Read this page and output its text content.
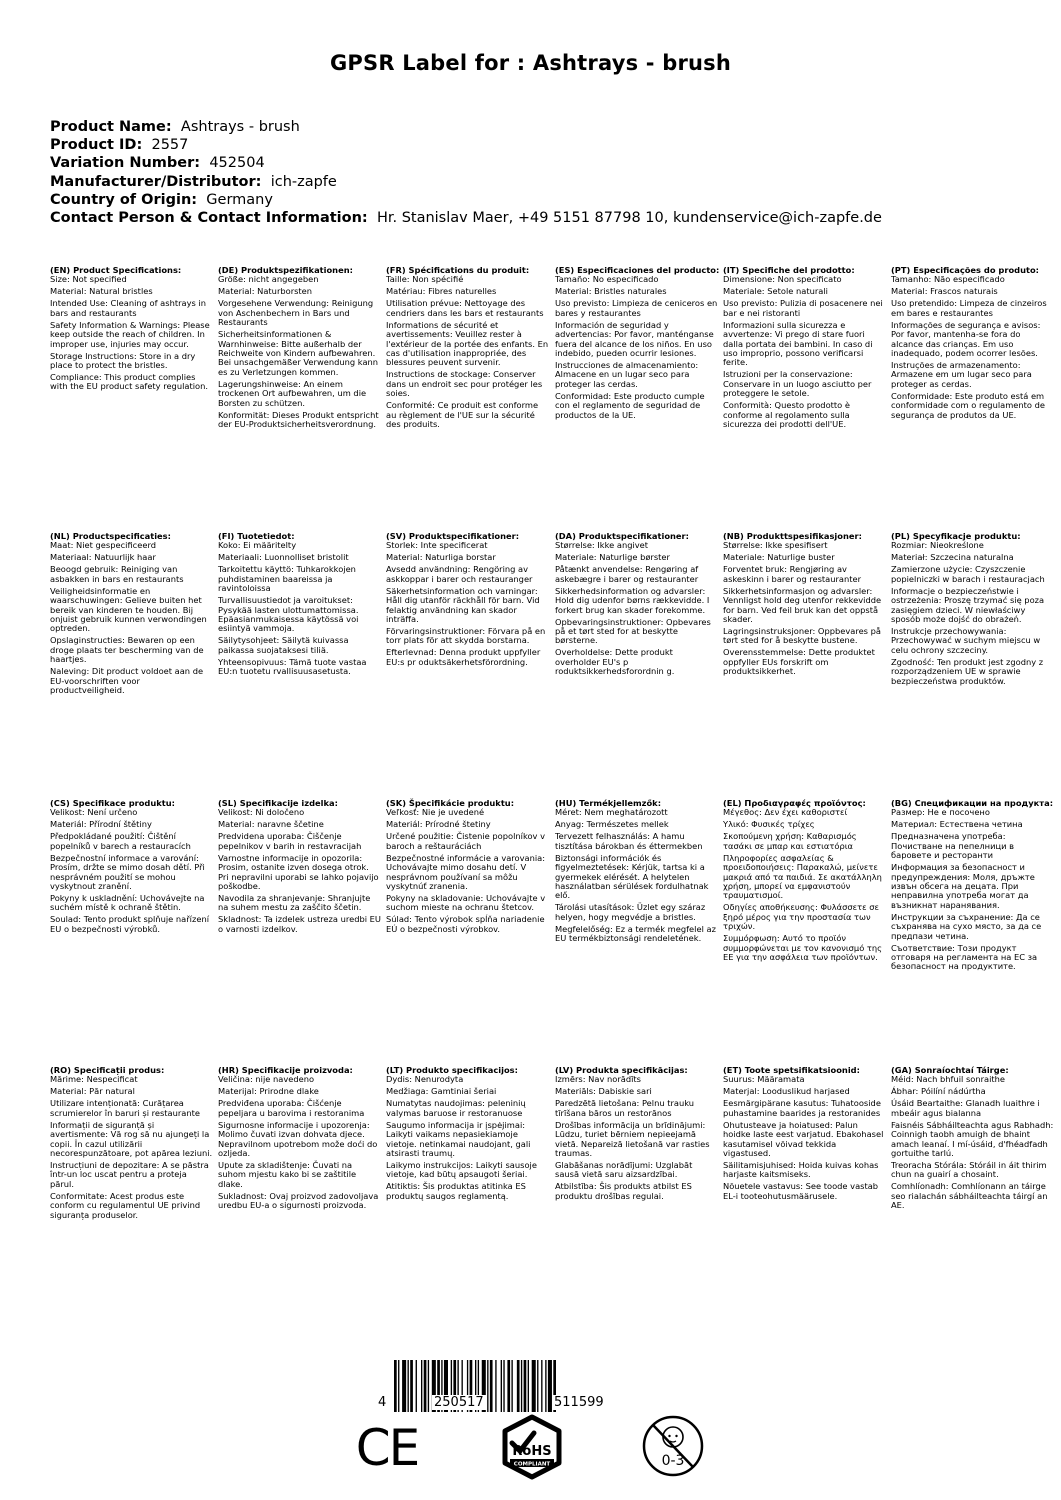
GPSR Label for : Ashtrays - brush
Product Name: Ashtrays - brush
Product ID: 2557
Variation Number: 452504
Manufacturer/Distributor: ich-zapfe
Country of Origin: Germany
Contact Person & Contact Information: Hr. Stanislav Maer, +49 5151 87798 10, kundenservice@ich-zapfe.de
(EN) Product Specifications:

Size: Not specified

Material: Natural bristles

Intended Use: Cleaning of ashtrays in bars and restaurants

Safety Information & Warnings: Please keep outside the reach of children. In improper use, injuries may occur.

Storage Instructions: Store in a dry place to protect the bristles.

Compliance: This product complies with the EU product safety regulation.

(DE) Produktspezifikationen:

Größe: nicht angegeben

Material: Naturborsten

Vorgesehene Verwendung: Reinigung von Aschenbechern in Bars und Restaurants

Sicherheitsinformationen & Warnhinweise: Bitte außerhalb der Reichweite von Kindern aufbewahren. Bei unsachgemäßer Verwendung kann es zu Verletzungen kommen.

Lagerungshinweise: An einem trockenen Ort aufbewahren, um die Borsten zu schützen.

Konformität: Dieses Produkt entspricht der EU-Produktsicherheitsverordnung.

(FR) Spécifications du produit:

Taille: Non spécifié

Matériau: Fibres naturelles

Utilisation prévue: Nettoyage des cendriers dans les bars et restaurants

Informations de sécurité et avertissements: Veuillez rester à l'extérieur de la portée des enfants. En cas d'utilisation inappropriée, des blessures peuvent survenir.

Instructions de stockage: Conserver dans un endroit sec pour protéger les soies.

Conformité: Ce produit est conforme au règlement de l'UE sur la sécurité des produits.

(ES) Especificaciones del producto:

Tamaño: No especificado

Material: Bristles naturales

Uso previsto: Limpieza de ceniceros en bares y restaurantes

Información de seguridad y advertencias: Por favor, manténganse fuera del alcance de los niños. En uso indebido, pueden ocurrir lesiones.

Instrucciones de almacenamiento: Almacene en un lugar seco para proteger las cerdas.

Conformidad: Este producto cumple con el reglamento de seguridad de productos de la UE.

(IT) Specifiche del prodotto:

Dimensione: Non specificato

Materiale: Setole naturali

Uso previsto: Pulizia di posacenere nei bar e nei ristoranti

Informazioni sulla sicurezza e avvertenze: Vi prego di stare fuori dalla portata dei bambini. In caso di uso improprio, possono verificarsi ferite.

Istruzioni per la conservazione: Conservare in un luogo asciutto per proteggere le setole.

Conformità: Questo prodotto è conforme al regolamento sulla sicurezza dei prodotti dell'UE.

(PT) Especificações do produto:

Tamanho: Não especificado

Material: Frascos naturais

Uso pretendido: Limpeza de cinzeiros em bares e restaurantes

Informações de segurança e avisos: Por favor, mantenha-se fora do alcance das crianças. Em uso inadequado, podem ocorrer lesões.

Instruções de armazenamento: Armazene em um lugar seco para proteger as cerdas.

Conformidade: Este produto está em conformidade com o regulamento de segurança de produtos da UE.

(NL) Productspecificaties:

Maat: Niet gespecificeerd

Materiaal: Natuurlijk haar

Beoogd gebruik: Reiniging van asbakken in bars en restaurants

Veiligheidsinformatie en waarschuwingen: Gelieve buiten het bereik van kinderen te houden. Bij onjuist gebruik kunnen verwondingen optreden.

Opslaginstructies: Bewaren op een droge plaats ter bescherming van de haartjes.

Naleving: Dit product voldoet aan de EU-voorschriften voor productveiligheid.

(FI) Tuotetiedot:

Koko: Ei määritelty

Materiaali: Luonnolliset bristolit

Tarkoitettu käyttö: Tuhkarokkojen puhdistaminen baareissa ja ravintoloissa

Turvallisuustiedot ja varoitukset: Pysykää lasten ulottumattomissa. Epäasianmukaisessa käytössä voi esiintyä vammoja.

Säilytysohjeet: Säilytä kuivassa paikassa suojataksesi tiliä.

Yhteensopivuus: Tämä tuote vastaa EU:n tuotetu rvallisuusasetusta.

(SV) Produktspecifikationer:

Storlek: Inte specificerat

Material: Naturliga borstar

Avsedd användning: Rengöring av askkoppar i barer och restauranger

Säkerhetsinformation och varningar: Håll dig utanför räckhåll för barn. Vid felaktig användning kan skador inträffa.

Förvaringsinstruktioner: Förvara på en torr plats för att skydda borstarna.

Efterlevnad: Denna produkt uppfyller EU:s pr oduktsäkerhetsförordning.

(DA) Produktspecifikationer:

Størrelse: Ikke angivet

Materiale: Naturlige børster

Påtænkt anvendelse: Rengøring af askebægre i barer og restauranter

Sikkerhedsinformation og advarsler: Hold dig udenfor børns rækkevidde. I forkert brug kan skader forekomme.

Opbevaringsinstruktioner: Opbevares på et tørt sted for at beskytte børsterne.

Overholdelse: Dette produkt overholder EU's p roduktsikkerhedsforordnin g.

(NB) Produkttspesifikasjoner:

Størrelse: Ikke spesifisert

Materiale: Naturlige buster

Forventet bruk: Rengjøring av askeskinn i barer og restauranter

Sikkerhetsinformasjon og advarsler: Vennligst hold deg utenfor rekkevidde for barn. Ved feil bruk kan det oppstå skader.

Lagringsinstruksjoner: Oppbevares på tørt sted for å beskytte bustene.

Overensstemmelse: Dette produktet oppfyller EUs forskrift om produktsikkerhet.

(PL) Specyfikacje produktu:

Rozmiar: Nieokreślone

Materiał: Szczecina naturalna

Zamierzone użycie: Czyszczenie popielniczki w barach i restauracjach

Informacje o bezpieczeństwie i ostrzeżenia: Proszę trzymać się poza zasięgiem dzieci. W niewłaściwy sposób może dojść do obrażeń.

Instrukcje przechowywania: Przechowywać w suchym miejscu w celu ochrony szczeciny.

Zgodność: Ten produkt jest zgodny z rozporządzeniem UE w sprawie bezpieczeństwa produktów.

(CS) Specifikace produktu:

Velikost: Není určeno

Materiál: Přírodní štětiny

Předpokládané použití: Čištění popelníků v barech a restauracích

Bezpečnostní informace a varování: Prosím, držte se mimo dosah dětí. Při nesprávném použití se mohou vyskytnout zranění.

Pokyny k uskladnění: Uchovávejte na suchém místě k ochraně štětin.

Soulad: Tento produkt splňuje nařízení EU o bezpečnosti výrobků.

(SL) Specifikacije izdelka:

Velikost: Ni določeno

Material: naravne ščetine

Predvidena uporaba: Čiščenje pepelnikov v barih in restavracijah

Varnostne informacije in opozorila: Prosim, ostanite izven dosega otrok. Pri nepravilni uporabi se lahko pojavijo poškodbe.

Navodila za shranjevanje: Shranjujte na suhem mestu za zaščito ščetin.

Skladnost: Ta izdelek ustreza uredbi EU o varnosti izdelkov.

(SK) Špecifikácie produktu:

Veľkosť: Nie je uvedené

Materiál: Prírodné štetiny

Určené použitie: Čistenie popolníkov v baroch a reštauráciách

Bezpečnostné informácie a varovania: Uchovávajte mimo dosahu detí. V nesprávnom používaní sa môžu vyskytnúť zranenia.

Pokyny na skladovanie: Uchovávajte v suchom mieste na ochranu štetcov.

Súlad: Tento výrobok spĺňa nariadenie EÚ o bezpečnosti výrobkov.

(HU) Termékjellemzők:

Méret: Nem meghatározott

Anyag: Természetes mellek

Tervezett felhasználás: A hamu tisztítása bárokban és éttermekben

Biztonsági információk és figyelmeztetések: Kérjük, tartsa ki a gyermekek elérését. A helytelen használatban sérülések fordulhatnak elő.

Tárolási utasítások: Üzlet egy száraz helyen, hogy megvédje a bristles.

Megfelelőség: Ez a termék megfelel az EU termékbiztonsági rendeletének.

(EL) Προδιαγραφές προϊόντος:

Μέγεθος: Δεν έχει καθοριστεί

Υλικό: Φυσικές τρίχες

Σκοπούμενη χρήση: Καθαρισμός τασάκι σε μπαρ και εστιατόρια

Πληροφορίες ασφαλείας & προειδοποιήσεις: Παρακαλώ, μείνετε μακριά από τα παιδιά. Σε ακατάλληλη χρήση, μπορεί να εμφανιστούν τραυματισμοί.

Οδηγίες αποθήκευσης: Φυλάσσετε σε ξηρό μέρος για την προστασία των τριχών.

Συμμόρφωση: Αυτό το προϊόν συμμορφώνεται με τον κανονισμό της ΕΕ για την ασφάλεια των προϊόντων.

(BG) Спецификации на продукта:

Размер: Не е посочено

Материал: Естествена четина

Предназначена употреба: Почистване на пепелници в баровете и ресторанти

Информация за безопасност и предупреждения: Моля, дръжте извън обсега на децата. При неправилна употреба могат да възникнат наранявания.

Инструкции за съхранение: Да се съхранява на сухо място, за да се предпази четина.

Съответствие: Този продукт отговаря на регламента на ЕС за безопасност на продуктите.

(RO) Specificații produs:

Mărime: Nespecificat

Material: Păr natural

Utilizare intenționată: Curățarea scrumierelor în baruri și restaurante

Informații de siguranță și avertismente: Vă rog să nu ajungeți la copii. În cazul utilizării necorespunzătoare, pot apărea leziuni.

Instrucțiuni de depozitare: A se păstra într-un loc uscat pentru a proteja părul.

Conformitate: Acest produs este conform cu regulamentul UE privind siguranța produselor.

(HR) Specifikacije proizvoda:

Veličina: nije navedeno

Materijal: Prirodne dlake

Predviđena uporaba: Čišćenje pepeljara u barovima i restoranima

Sigurnosne informacije i upozorenja: Molimo čuvati izvan dohvata djece. Nepravilnom upotrebom može doći do ozljeda.

Upute za skladištenje: Čuvati na suhom mjestu kako bi se zaštitile dlake.

Sukladnost: Ovaj proizvod zadovoljava uredbu EU-a o sigurnosti proizvoda.

(LT) Produkto specifikacijos:

Dydis: Nenurodyta

Medžiaga: Gamtiniai šeriai

Numatytas naudojimas: peleninių valymas baruose ir restoranuose

Saugumo informacija ir įspėjimai: Laikyti vaikams nepasiekiamoje vietoje. netinkamai naudojant, gali atsirasti traumų.

Laikymo instrukcijos: Laikyti sausoje vietoje, kad būtų apsaugoti šeriai.

Atitiktis: Šis produktas atitinka ES produktų saugos reglamentą.

(LV) Produkta specifikācijas:

Izmērs: Nav norādīts

Materiāls: Dabiskie sari

Paredzētā lietošana: Pelnu trauku tīrīšana bāros un restorānos

Drošības informācija un brīdinājumi: Lūdzu, turiet bērniem nepieejamā vietā. Nepareizā lietošanā var rasties traumas.

Glabāšanas norādījumi: Uzglabāt sausā vietā saru aizsardzībai.

Atbilstība: Šis produkts atbilst ES produktu drošības regulai.

(ET) Toote spetsifikatsioonid:

Suurus: Määramata

Materjal: Looduslikud harjased

Eesmärgipärane kasutus: Tuhatooside puhastamine baarides ja restoranides

Ohutusteave ja hoiatused: Palun hoidke laste eest varjatud. Ebakohasel kasutamisel võivad tekkida vigastused.

Säilitamisjuhised: Hoida kuivas kohas harjaste kaitsmiseks.

Nõuetele vastavus: See toode vastab EL-i tooteohutusmäärusele.

(GA) Sonraíochtaí Táirge:

Méid: Nach bhfuil sonraithe

Ábhar: Póilíní nádúrtha

Úsáid Beartaithe: Glanadh luaithre i mbeáir agus bialanna

Faisnéis Sábháilteachta agus Rabhadh: Coinnigh taobh amuigh de bhaint amach leanaí. I mí-úsáid, d'fhéadfadh gortuithe tarlú.

Treoracha Stórála: Stóráil in áit thirim chun na guairí a chosaint.

Comhlíonadh: Comhlíonann an táirge seo rialachán sábháilteachta táirgí an AE.

4	250517	511599
CE	RoHS
COMPLIANT	0-3
